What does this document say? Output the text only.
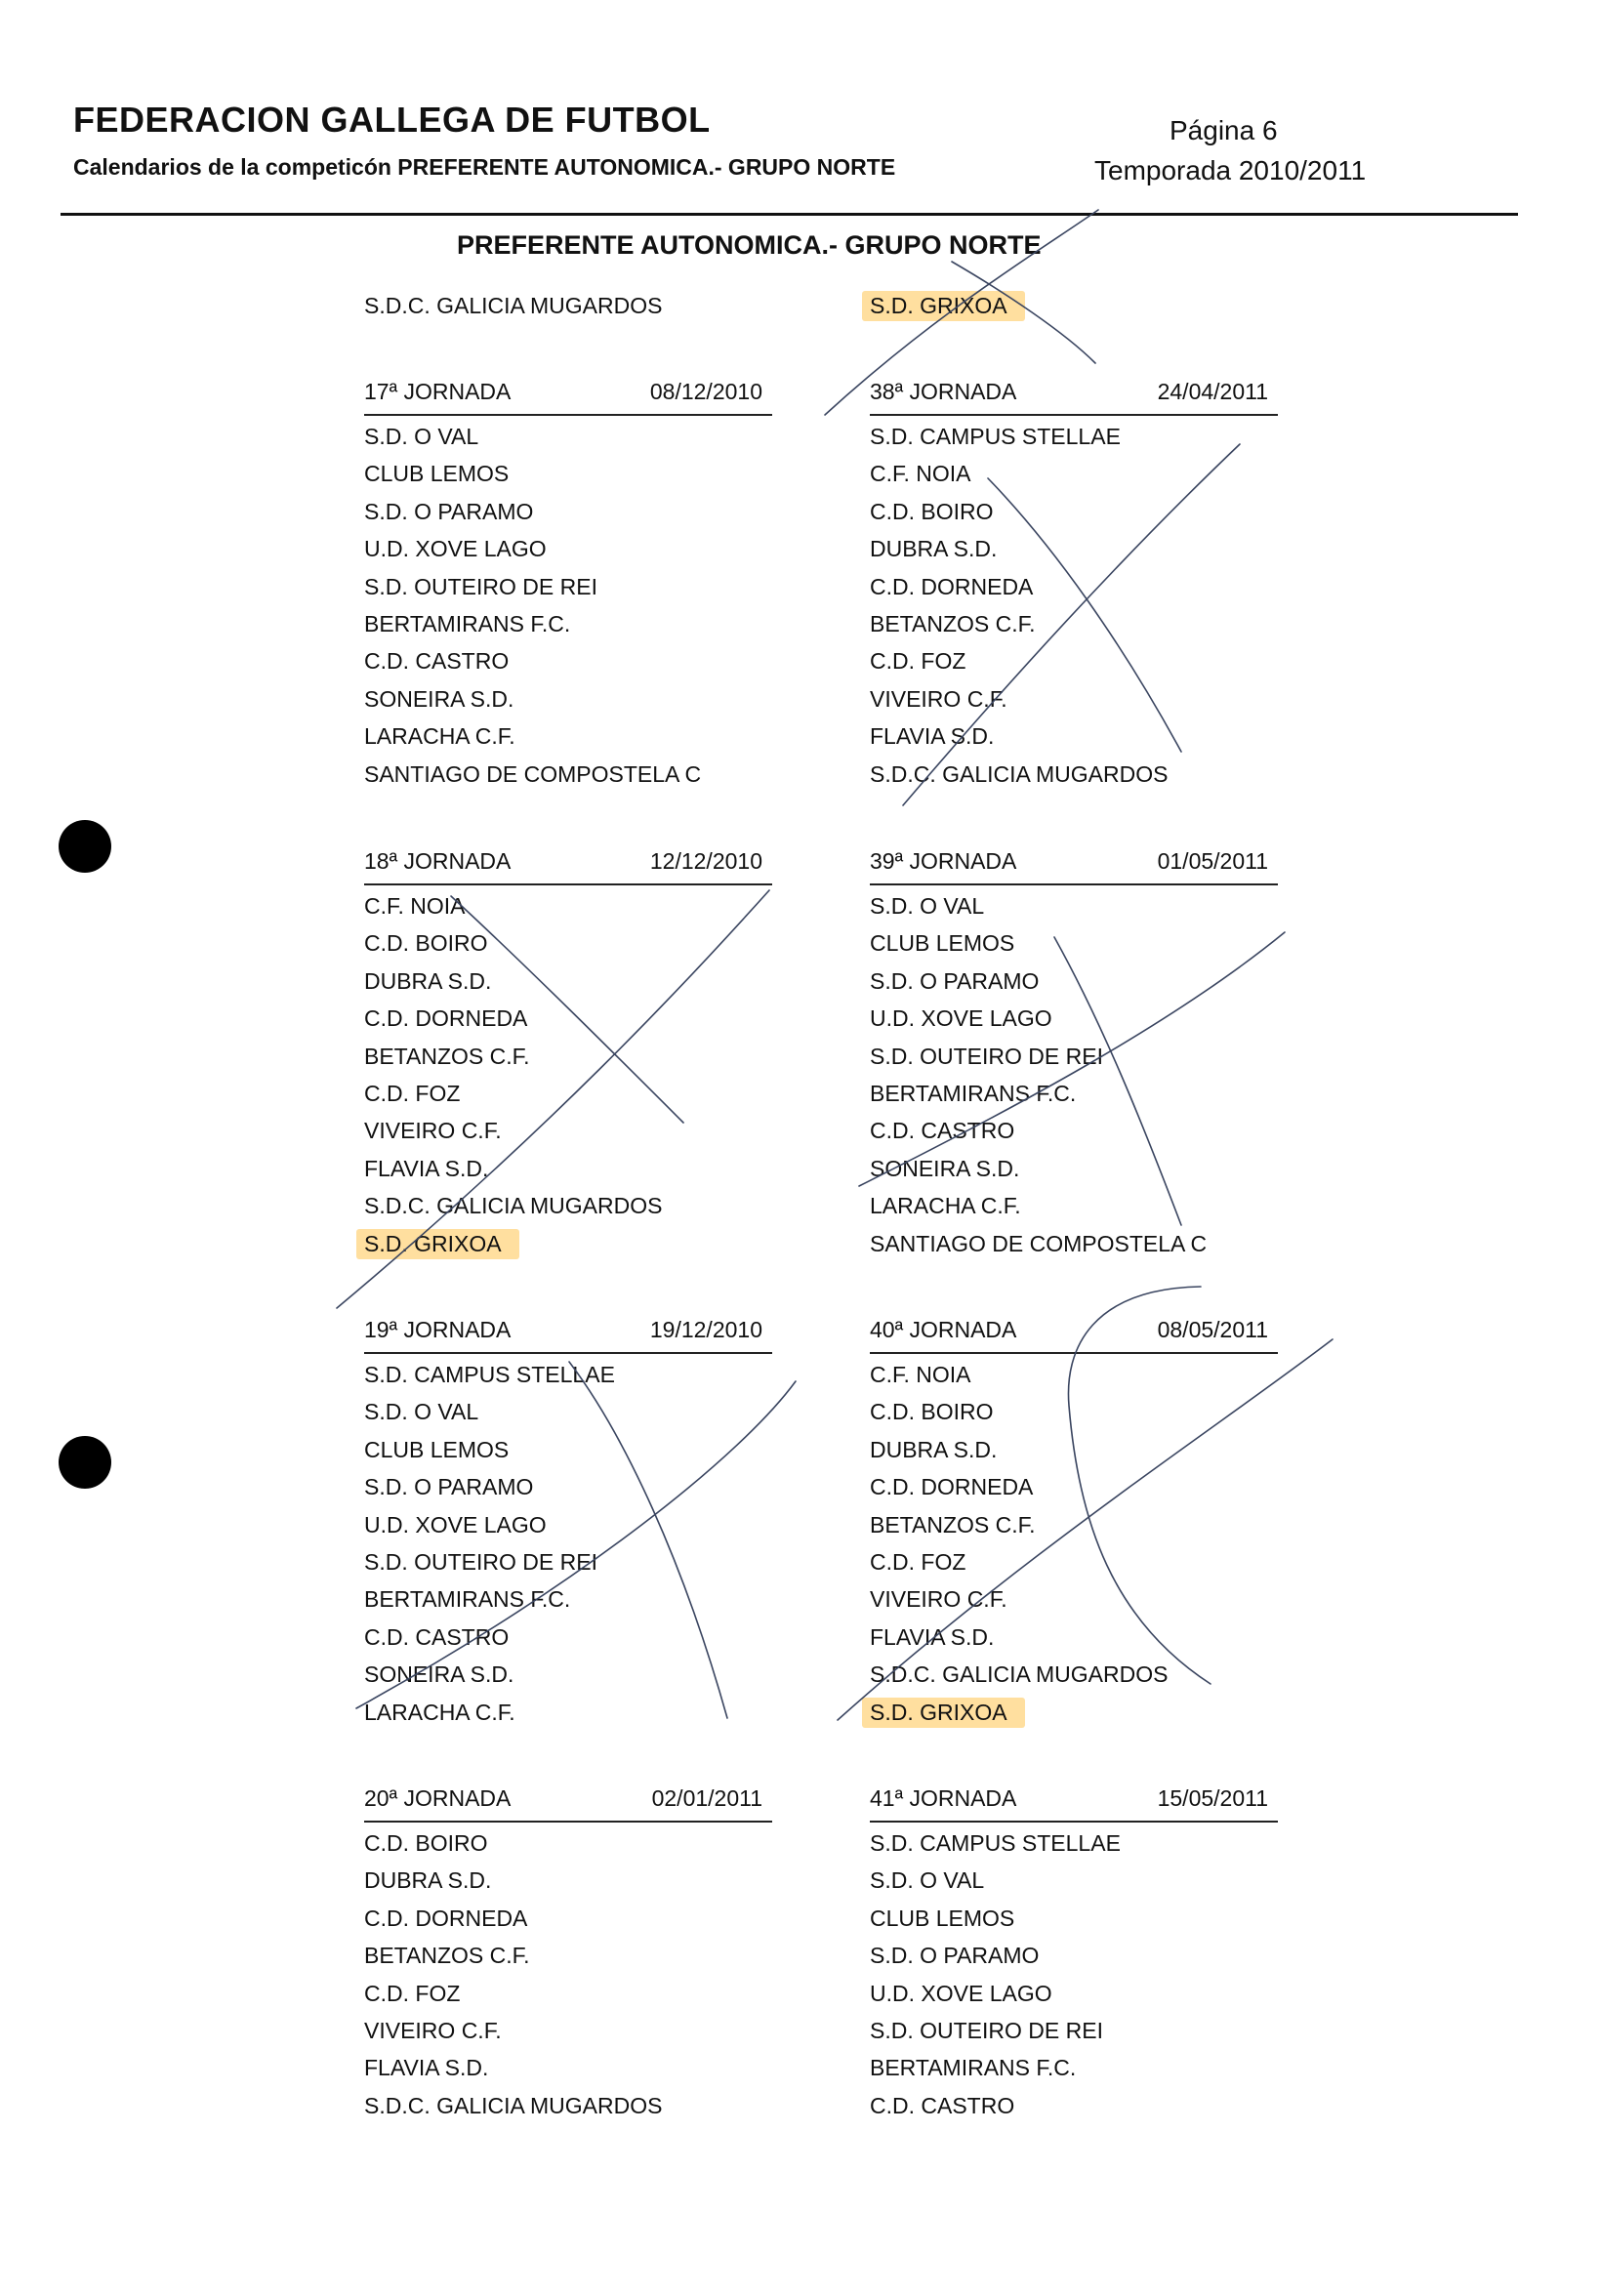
FEDERACION GALLEGA DE FUTBOL
Calendarios de la competicón PREFERENTE AUTONOMICA.- GRUPO NORTE
Página 6
Temporada 2010/2011
PREFERENTE AUTONOMICA.- GRUPO NORTE
S.D.C. GALICIA MUGARDOS	S.D. GRIXOA
17ª JORNADA	08/12/2010
S.D. O VAL
CLUB LEMOS
S.D. O PARAMO
U.D. XOVE LAGO
S.D. OUTEIRO DE REI
BERTAMIRANS F.C.
C.D. CASTRO
SONEIRA S.D.
LARACHA C.F.
SANTIAGO DE COMPOSTELA C
38ª JORNADA	24/04/2011
S.D. CAMPUS STELLAE
C.F. NOIA
C.D. BOIRO
DUBRA S.D.
C.D. DORNEDA
BETANZOS C.F.
C.D. FOZ
VIVEIRO C.F.
FLAVIA S.D.
S.D.C. GALICIA MUGARDOS
18ª JORNADA	12/12/2010
C.F. NOIA
C.D. BOIRO
DUBRA S.D.
C.D. DORNEDA
BETANZOS C.F.
C.D. FOZ
VIVEIRO C.F.
FLAVIA S.D.
S.D.C. GALICIA MUGARDOS
S.D. GRIXOA
39ª JORNADA	01/05/2011
S.D. O VAL
CLUB LEMOS
S.D. O PARAMO
U.D. XOVE LAGO
S.D. OUTEIRO DE REI
BERTAMIRANS F.C.
C.D. CASTRO
SONEIRA S.D.
LARACHA C.F.
SANTIAGO DE COMPOSTELA C
19ª JORNADA	19/12/2010
S.D. CAMPUS STELLAE
S.D. O VAL
CLUB LEMOS
S.D. O PARAMO
U.D. XOVE LAGO
S.D. OUTEIRO DE REI
BERTAMIRANS F.C.
C.D. CASTRO
SONEIRA S.D.
LARACHA C.F.
40ª JORNADA	08/05/2011
C.F. NOIA
C.D. BOIRO
DUBRA S.D.
C.D. DORNEDA
BETANZOS C.F.
C.D. FOZ
VIVEIRO C.F.
FLAVIA S.D.
S.D.C. GALICIA MUGARDOS
S.D. GRIXOA
20ª JORNADA	02/01/2011
C.D. BOIRO
DUBRA S.D.
C.D. DORNEDA
BETANZOS C.F.
C.D. FOZ
VIVEIRO C.F.
FLAVIA S.D.
S.D.C. GALICIA MUGARDOS
41ª JORNADA	15/05/2011
S.D. CAMPUS STELLAE
S.D. O VAL
CLUB LEMOS
S.D. O PARAMO
U.D. XOVE LAGO
S.D. OUTEIRO DE REI
BERTAMIRANS F.C.
C.D. CASTRO
